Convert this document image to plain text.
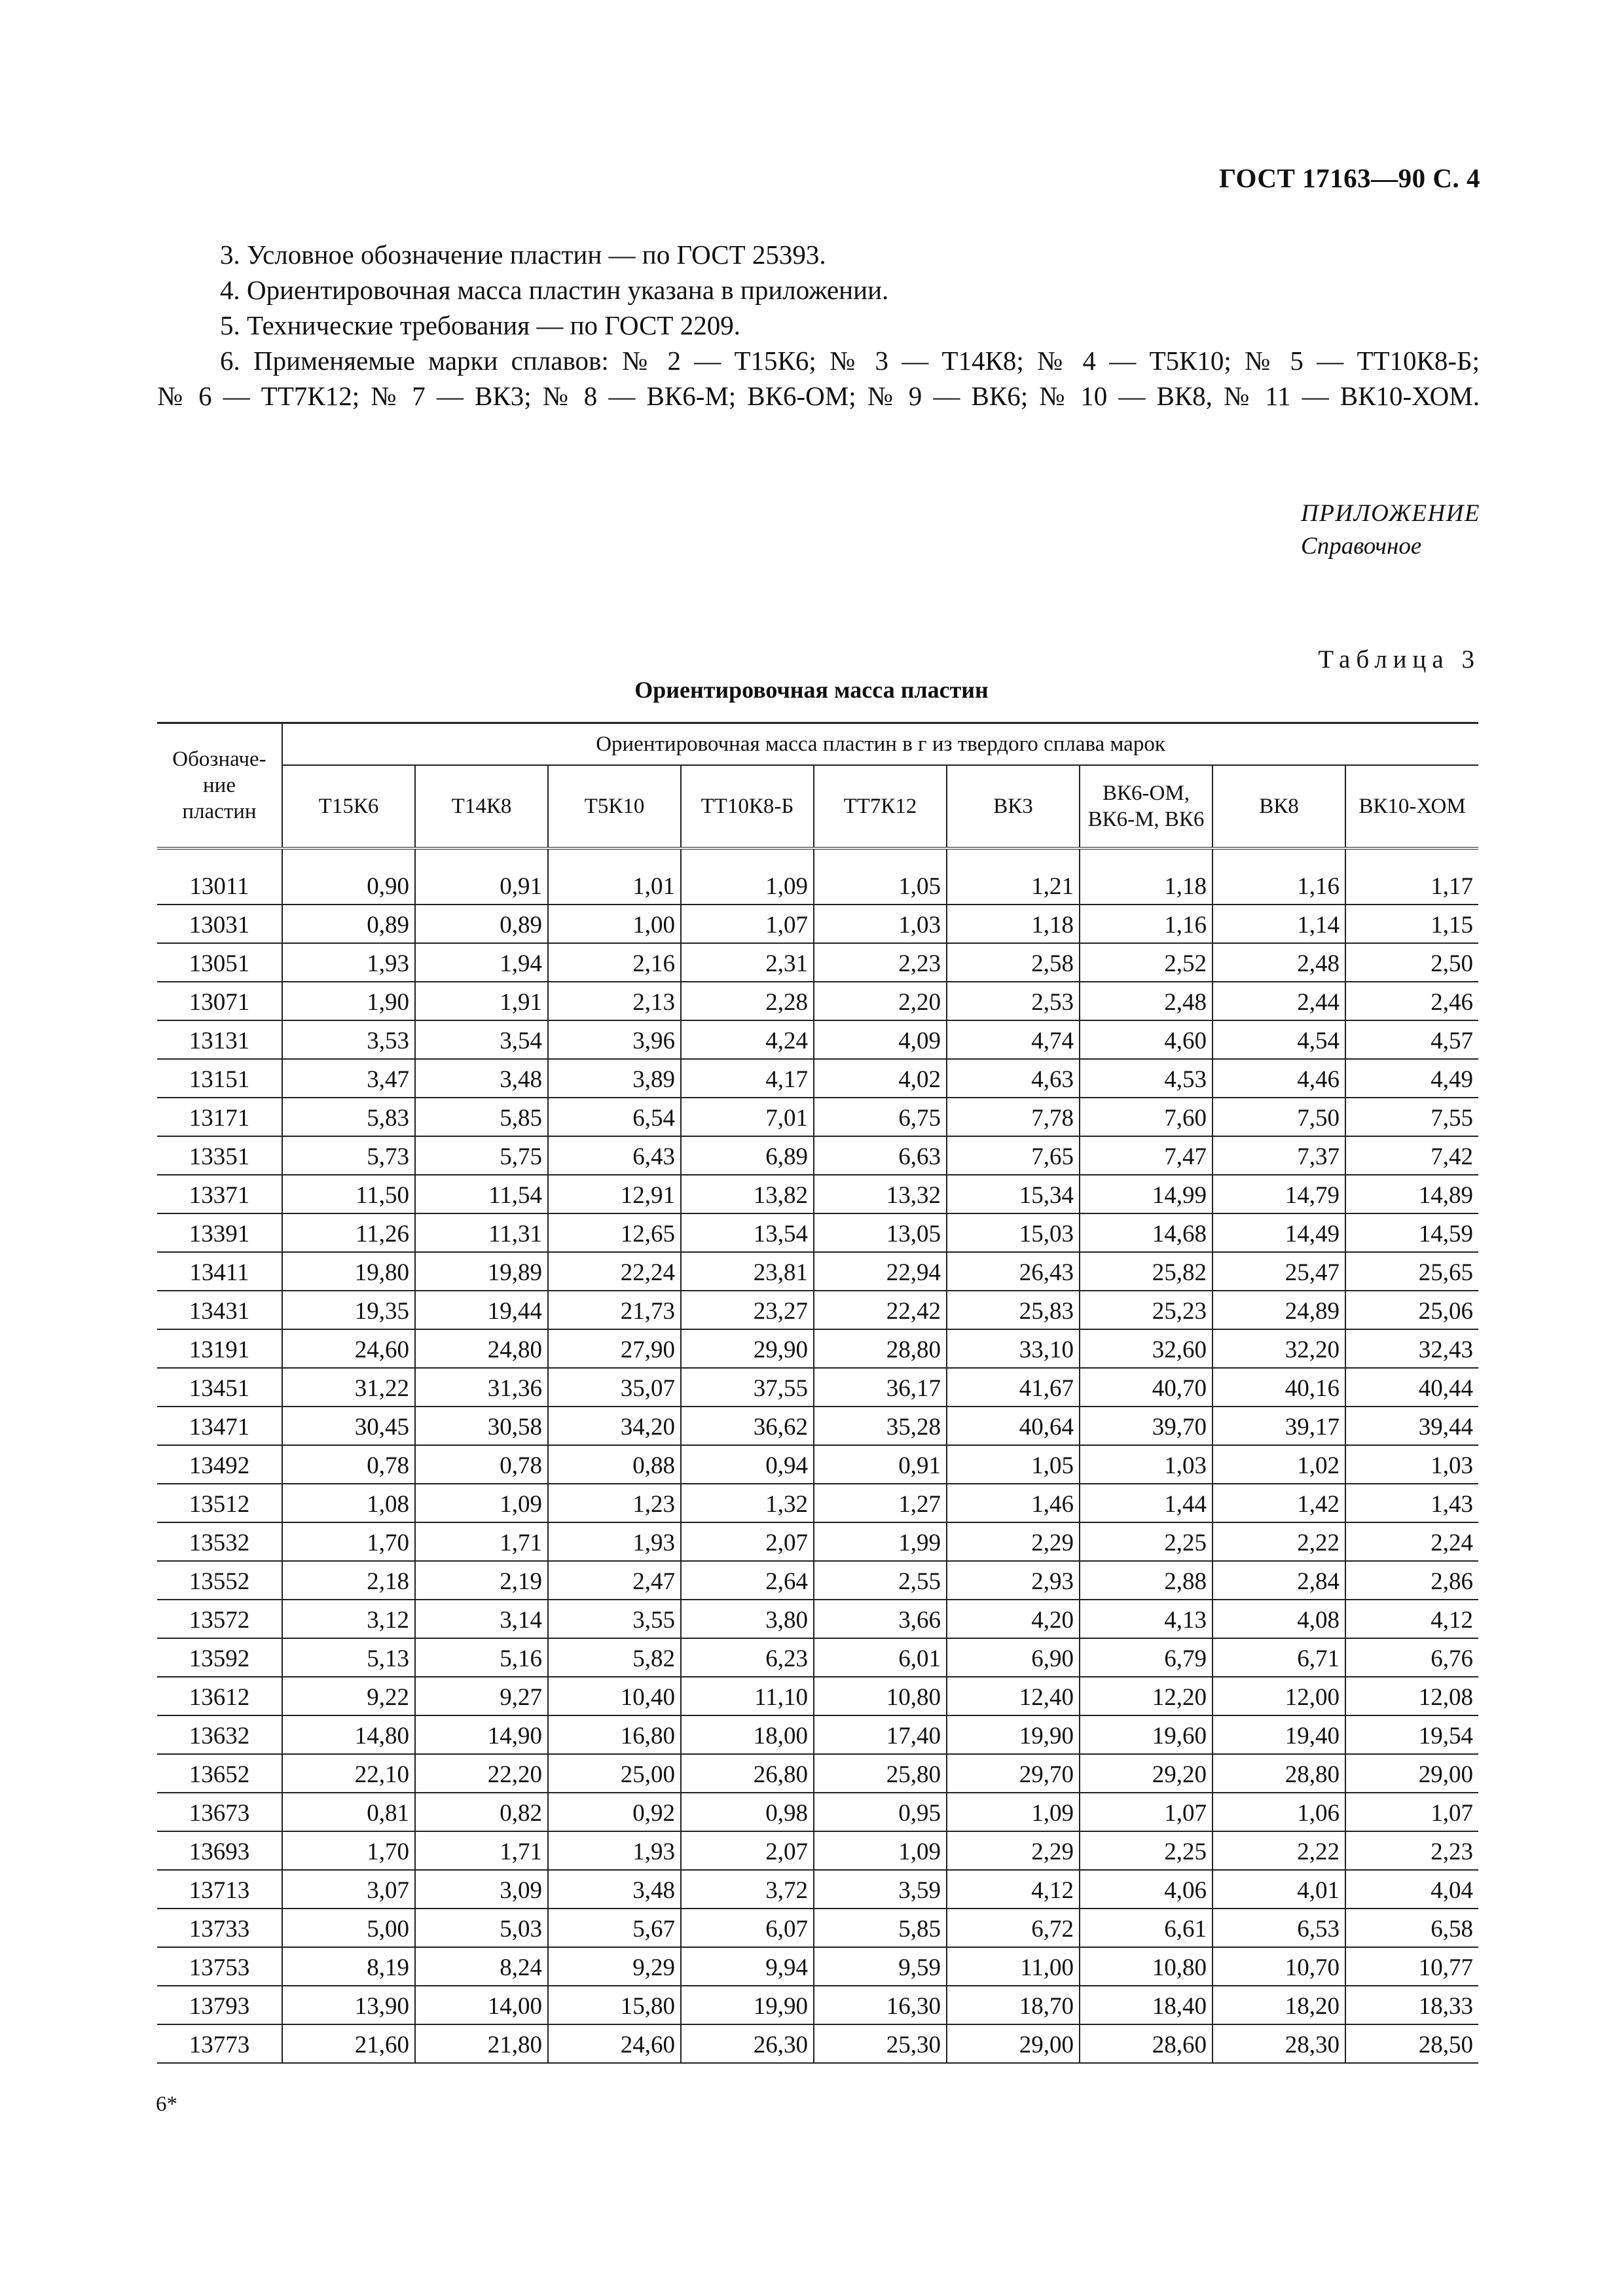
ГОСТ 17163—90 С. 4

3. Условное обозначение пластин — по ГОСТ 25393.

4. Ориентировочная масса пластин указана в приложении.

5. Технические требования — по ГОСТ 2209.

6. Применяемые марки сплавов: № 2 — Т15К6; № 3 — Т14К8; № 4 — Т5К10; № 5 — ТТ10К8-Б;

№ 6 — ТТ7К12; № 7 — ВК3; № 8 — ВК6-М; ВК6-ОМ; № 9 — ВК6; № 10 — ВК8, № 11 — ВК10-ХОМ.

ПРИЛОЖЕНИЕ
Справочное
Таблица 3
Ориентировочная масса пластин
Обозначе-
ние
пластин	Ориентировочная масса пластин в г из твердого сплава марок								
	Т15К6	Т14К8	Т5К10	ТТ10К8-Б	ТТ7К12	ВК3	ВК6-ОМ, ВК6-М, ВК6	ВК8	ВК10-ХОМ

13011	0,90	0,91	1,01	1,09	1,05	1,21	1,18	1,16	1,17
13031	0,89	0,89	1,00	1,07	1,03	1,18	1,16	1,14	1,15
13051	1,93	1,94	2,16	2,31	2,23	2,58	2,52	2,48	2,50
13071	1,90	1,91	2,13	2,28	2,20	2,53	2,48	2,44	2,46
13131	3,53	3,54	3,96	4,24	4,09	4,74	4,60	4,54	4,57
13151	3,47	3,48	3,89	4,17	4,02	4,63	4,53	4,46	4,49
13171	5,83	5,85	6,54	7,01	6,75	7,78	7,60	7,50	7,55
13351	5,73	5,75	6,43	6,89	6,63	7,65	7,47	7,37	7,42
13371	11,50	11,54	12,91	13,82	13,32	15,34	14,99	14,79	14,89
13391	11,26	11,31	12,65	13,54	13,05	15,03	14,68	14,49	14,59
13411	19,80	19,89	22,24	23,81	22,94	26,43	25,82	25,47	25,65
13431	19,35	19,44	21,73	23,27	22,42	25,83	25,23	24,89	25,06
13191	24,60	24,80	27,90	29,90	28,80	33,10	32,60	32,20	32,43
13451	31,22	31,36	35,07	37,55	36,17	41,67	40,70	40,16	40,44
13471	30,45	30,58	34,20	36,62	35,28	40,64	39,70	39,17	39,44
13492	0,78	0,78	0,88	0,94	0,91	1,05	1,03	1,02	1,03
13512	1,08	1,09	1,23	1,32	1,27	1,46	1,44	1,42	1,43
13532	1,70	1,71	1,93	2,07	1,99	2,29	2,25	2,22	2,24
13552	2,18	2,19	2,47	2,64	2,55	2,93	2,88	2,84	2,86
13572	3,12	3,14	3,55	3,80	3,66	4,20	4,13	4,08	4,12
13592	5,13	5,16	5,82	6,23	6,01	6,90	6,79	6,71	6,76
13612	9,22	9,27	10,40	11,10	10,80	12,40	12,20	12,00	12,08
13632	14,80	14,90	16,80	18,00	17,40	19,90	19,60	19,40	19,54
13652	22,10	22,20	25,00	26,80	25,80	29,70	29,20	28,80	29,00
13673	0,81	0,82	0,92	0,98	0,95	1,09	1,07	1,06	1,07
13693	1,70	1,71	1,93	2,07	1,09	2,29	2,25	2,22	2,23
13713	3,07	3,09	3,48	3,72	3,59	4,12	4,06	4,01	4,04
13733	5,00	5,03	5,67	6,07	5,85	6,72	6,61	6,53	6,58
13753	8,19	8,24	9,29	9,94	9,59	11,00	10,80	10,70	10,77
13793	13,90	14,00	15,80	19,90	16,30	18,70	18,40	18,20	18,33
13773	21,60	21,80	24,60	26,30	25,30	29,00	28,60	28,30	28,50
6*
